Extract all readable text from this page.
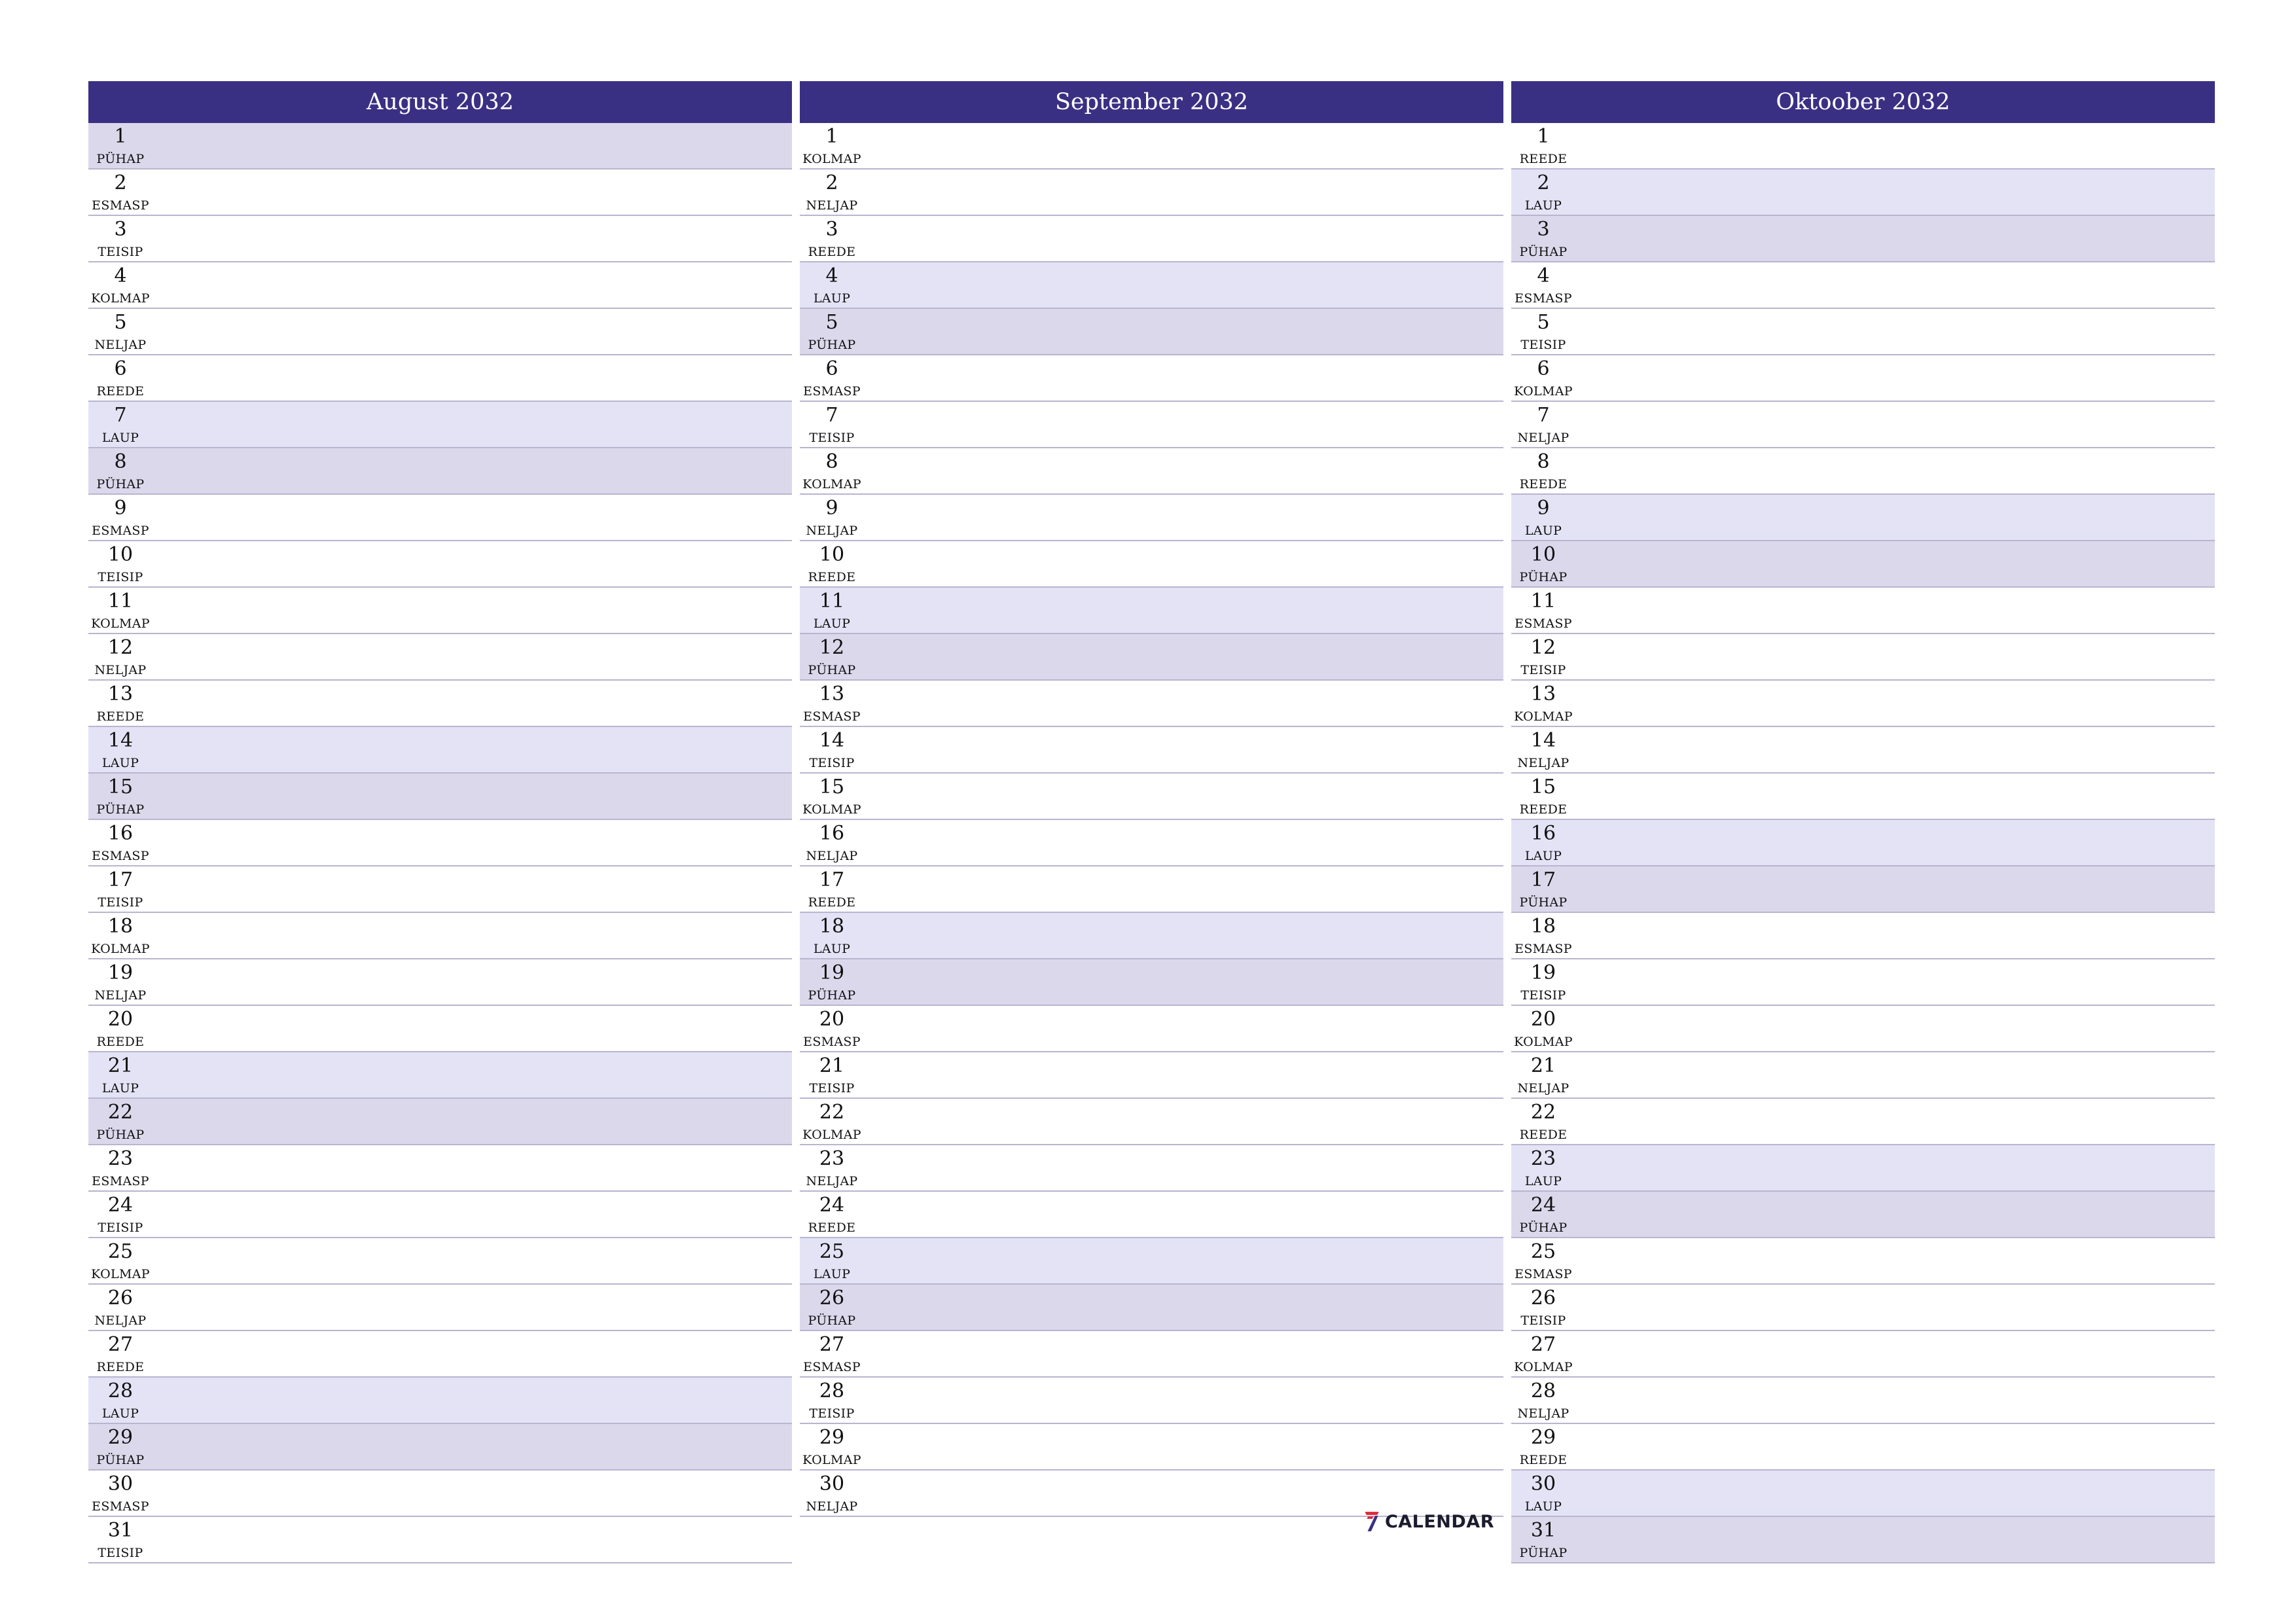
August 2032
1
PÜHAP
2
ESMASP
3
TEISIP
4
KOLMAP
5
NELJAP
6
REEDE
7
LAUP
8
PÜHAP
9
ESMASP
10
TEISIP
11
KOLMAP
12
NELJAP
13
REEDE
14
LAUP
15
PÜHAP
16
ESMASP
17
TEISIP
18
KOLMAP
19
NELJAP
20
REEDE
21
LAUP
22
PÜHAP
23
ESMASP
24
TEISIP
25
KOLMAP
26
NELJAP
27
REEDE
28
LAUP
29
PÜHAP
30
ESMASP
31
TEISIP
September 2032
1
KOLMAP
2
NELJAP
3
REEDE
4
LAUP
5
PÜHAP
6
ESMASP
7
TEISIP
8
KOLMAP
9
NELJAP
10
REEDE
11
LAUP
12
PÜHAP
13
ESMASP
14
TEISIP
15
KOLMAP
16
NELJAP
17
REEDE
18
LAUP
19
PÜHAP
20
ESMASP
21
TEISIP
22
KOLMAP
23
NELJAP
24
REEDE
25
LAUP
26
PÜHAP
27
ESMASP
28
TEISIP
29
KOLMAP
30
NELJAP
Oktoober 2032
1
REEDE
2
LAUP
3
PÜHAP
4
ESMASP
5
TEISIP
6
KOLMAP
7
NELJAP
8
REEDE
9
LAUP
10
PÜHAP
11
ESMASP
12
TEISIP
13
KOLMAP
14
NELJAP
15
REEDE
16
LAUP
17
PÜHAP
18
ESMASP
19
TEISIP
20
KOLMAP
21
NELJAP
22
REEDE
23
LAUP
24
PÜHAP
25
ESMASP
26
TEISIP
27
KOLMAP
28
NELJAP
29
REEDE
30
LAUP
31
PÜHAP
CALENDAR
